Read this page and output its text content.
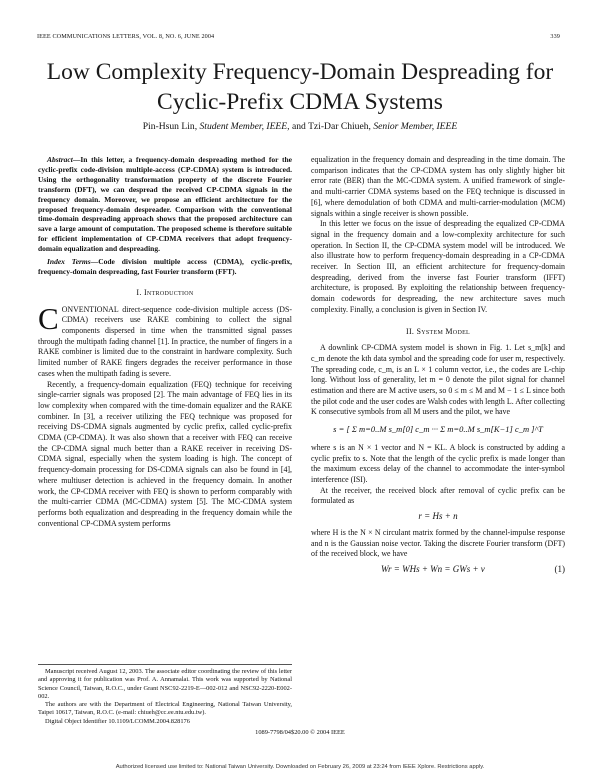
IEEE COMMUNICATIONS LETTERS, VOL. 8, NO. 6, JUNE 2004	339
Low Complexity Frequency-Domain Despreading for Cyclic-Prefix CDMA Systems
Pin-Hsun Lin, Student Member, IEEE, and Tzi-Dar Chiueh, Senior Member, IEEE

Abstract—In this letter, a frequency-domain despreading method for the cyclic-prefix code-division multiple-access (CP-CDMA) system is introduced. Using the orthogonality transformation property of the discrete Fourier transform (DFT), we can despread the received CP-CDMA signals in the frequency domain. Moreover, we propose an efficient architecture for the proposed frequency-domain despreader. Comparison with the conventional time-domain despreading approach shows that the proposed architecture can save a large amount of computation. The proposed scheme is therefore suitable for efficient implementation of CP-CDMA receivers that adopt frequency-domain equalization and despreading.

Index Terms—Code division multiple access (CDMA), cyclic-prefix, frequency-domain despreading, fast Fourier transform (FFT).

I. Introduction

CONVENTIONAL direct-sequence code-division multiple access (DS-CDMA) receivers use RAKE combining to collect the signal components dispersed in time when the transmitted signal passes through the multipath fading channel [1]. In practice, the number of fingers in a RAKE combiner is limited due to the constraint in hardware complexity. Such limited number of RAKE fingers degrades the receiver performance in those cases when the multipath fading is severe.

Recently, a frequency-domain equalization (FEQ) technique for receiving single-carrier signals was proposed [2]. The main advantage of FEQ lies in its low complexity when compared with the time-domain equalizer and the RAKE combiner. In [3], a receiver utilizing the FEQ technique was proposed for receiving DS-CDMA signals augmented by cyclic prefix, called cyclic-prefix CDMA (CP-CDMA). It was also shown that a receiver with FEQ can receive the CP-CDMA signal much better than a RAKE receiver in receiving DS-CDMA signal, especially when the system loading is high. The concept of frequency-domain processing for DS-CDMA signals can also be found in [4], where multiuser detection is achieved in the frequency domain. In another work, the CP-CDMA receiver with FEQ is shown to perform comparably with the multi-carrier CDMA (MC-CDMA) system [5]. The MC-CDMA system performs both equalization and despreading in the frequency domain while the conventional CP-CDMA system performs

equalization in the frequency domain and despreading in the time domain. The comparison indicates that the CP-CDMA system has only slightly higher bit error rate (BER) than the MC-CDMA system. A unified framework of single- and multi-carrier CDMA systems based on the FEQ technique is discussed in [6], where demodulation of both CDMA and multi-carrier-modulation (MCM) signals within a single receiver is shown possible.

In this letter we focus on the issue of despreading the equalized CP-CDMA signal in the frequency domain and a low-complexity architecture for such operation. In Section II, the CP-CDMA system model will be introduced. We also illustrate how to perform frequency-domain despreading in a CP-CDMA receiver. In Section III, an efficient architecture for frequency-domain despreading, derived from the inverse fast Fourier transform (IFFT) architecture, is proposed. By exploiting the relationship between frequency-domain codewords for despreading, the new architecture saves much complexity. Finally, a conclusion is given in Section IV.

II. System Model

A downlink CP-CDMA system model is shown in Fig. 1. Let s_m[k] and c_m denote the kth data symbol and the spreading code for user m, respectively. The spreading code, c_m, is an L × 1 column vector, i.e., the codes are L-chip long. Without loss of generality, let m = 0 denote the pilot signal for channel estimation and there are M active users, so 0 ≤ m ≤ M and M − 1 ≤ L since both the pilot code and the user codes are Walsh codes with length L. After collecting K consecutive symbols from all M users and the pilot, we have

s = [ Σ m=0..M s_m[0] c_m ··· Σ m=0..M s_m[K−1] c_m ]^T

where s is an N × 1 vector and N = KL. A block is constructed by adding a cyclic prefix to s. Note that the length of the cyclic prefix is made longer than the maximum excess delay of the channel to accommodate the inter-symbol interference (ISI).

At the receiver, the received block after removal of cyclic prefix can be formulated as

r = Hs + n

where H is the N × N circulant matrix formed by the channel-impulse response and n is the Gaussian noise vector. Taking the discrete Fourier transform (DFT) of the received block, we have

Wr = WHs + Wn = GWs + ν	(1)

Manuscript received August 12, 2003. The associate editor coordinating the review of this letter and approving it for publication was Prof. A. Annamalai. This work was supported by National Science Council, Taiwan, R.O.C., under Grant NSC92-2219-E—002-012 and NSC92-2220-E002-002.

The authors are with the Department of Electrical Engineering, National Taiwan University, Taipei 10617, Taiwan, R.O.C. (e-mail: chiueh@cc.ee.ntu.edu.tw).

Digital Object Identifier 10.1109/LCOMM.2004.828176

1089-7798/04$20.00 © 2004 IEEE
Authorized licensed use limited to: National Taiwan University. Downloaded on February 26, 2009 at 23:24 from IEEE Xplore. Restrictions apply.
